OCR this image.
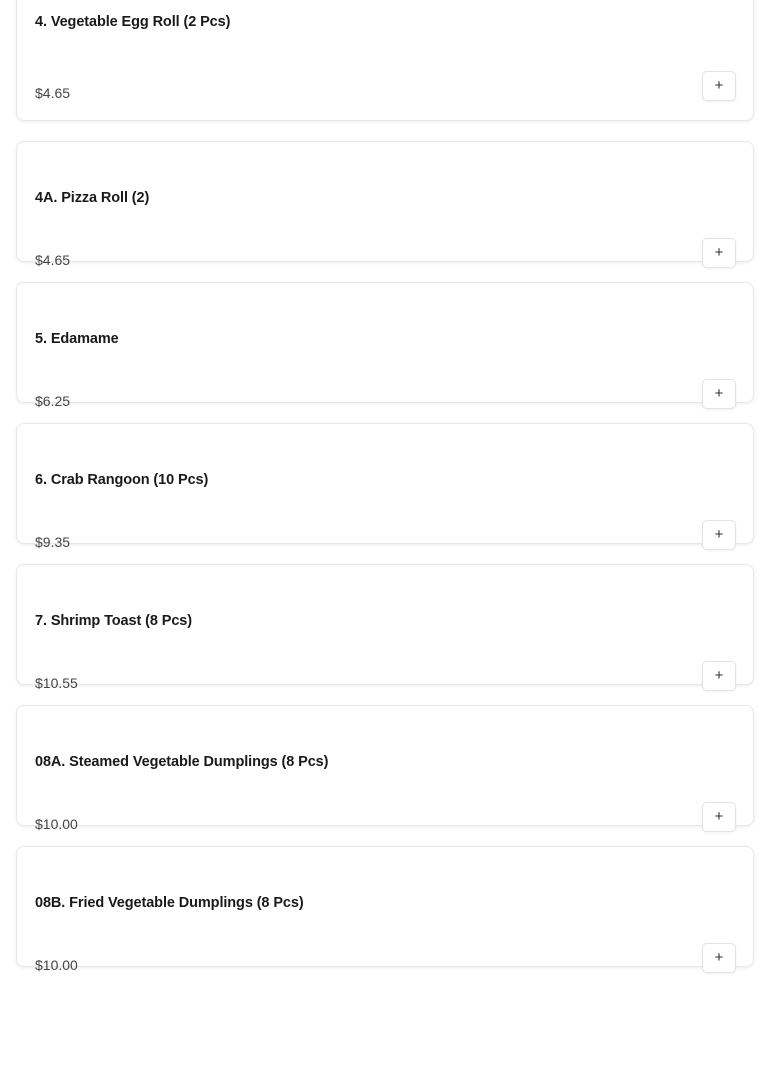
4. Vegetable Egg Roll (2 Pcs)
$4.65	+
4A. Pizza Roll (2)
$4.65	+
5. Edamame
$6.25	+
6. Crab Rangoon (10 Pcs)
$9.35	+
7. Shrimp Toast (8 Pcs)
$10.55	+
08A. Steamed Vegetable Dumplings (8 Pcs)
$10.00	+
08B. Fried Vegetable Dumplings (8 Pcs)
$10.00	+
